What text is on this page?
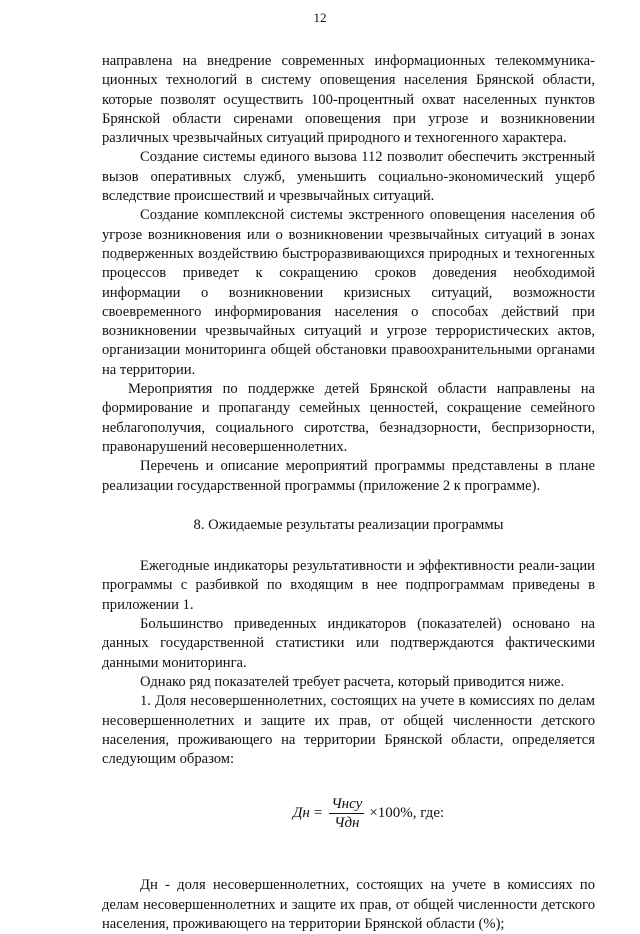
12

направлена на внедрение современных информационных телекоммуника-ционных технологий в систему оповещения населения Брянской области, которые позволят осуществить 100-процентный охват населенных пунктов Брянской области сиренами оповещения при угрозе и возникновении различных чрезвычайных ситуаций природного и техногенного характера.

Создание системы единого вызова 112 позволит обеспечить экстренный вызов оперативных служб, уменьшить социально-экономический ущерб вследствие происшествий и чрезвычайных ситуаций.

Создание комплексной системы экстренного оповещения населения об угрозе возникновения или о возникновении чрезвычайных ситуаций в зонах подверженных воздействию быстроразвивающихся природных и техногенных процессов приведет к сокращению сроков доведения необходимой информации о возникновении кризисных ситуаций, возможности своевременного информирования населения о способах действий при возникновении чрезвычайных ситуаций и угрозе террористических актов, организации мониторинга общей обстановки правоохранительными органами на территории.

Мероприятия по поддержке детей Брянской области направлены на формирование и пропаганду семейных ценностей, сокращение семейного неблагополучия, социального сиротства, безнадзорности, беспризорности, правонарушений несовершеннолетних.

Перечень и описание мероприятий программы представлены в плане реализации государственной программы (приложение 2 к программе).

8. Ожидаемые результаты реализации программы

Ежегодные индикаторы результативности и эффективности реали-зации программы с разбивкой по входящим в нее подпрограммам приведены в приложении 1.

Большинство приведенных индикаторов (показателей) основано на данных государственной статистики или подтверждаются фактическими данными мониторинга.

Однако ряд показателей требует расчета, который приводится ниже.

1. Доля несовершеннолетних, состоящих на учете в комиссиях по делам несовершеннолетних и защите их прав, от общей численности детского населения, проживающего на территории Брянской области, определяется следующим образом:

Дн = $\frac{\text{Чнсу}}{\text{Чдн}} \times 100\%$ , где:

Дн - доля несовершеннолетних, состоящих на учете в комиссиях по делам несовершеннолетних и защите их прав, от общей численности детского населения, проживающего на территории Брянской области (%);
